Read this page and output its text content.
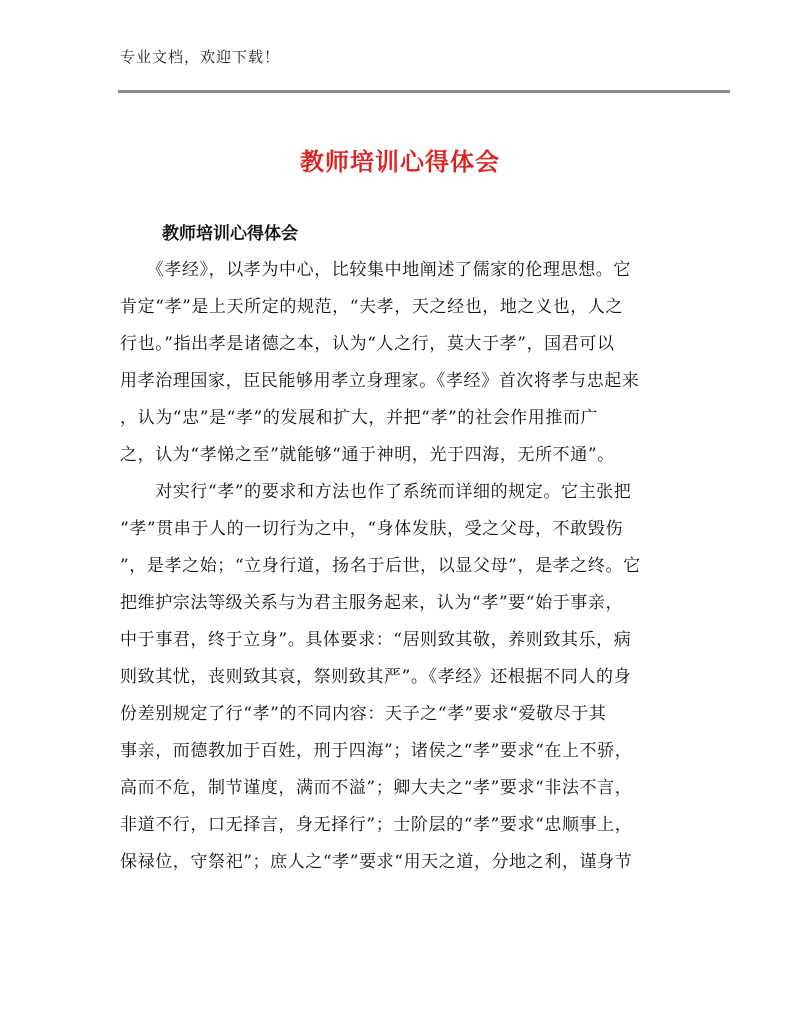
专业文档，欢迎下载！
教师培训心得体会
教师培训心得体会
　　《孝经》，以孝为中心，比较集中地阐述了儒家的伦理思想。它
肯定“孝”是上天所定的规范，“夫孝，天之经也，地之义也，人之
行也。”指出孝是诸德之本，认为“人之行，莫大于孝”，国君可以
用孝治理国家，臣民能够用孝立身理家。《孝经》首次将孝与忠起来
，认为“忠”是“孝”的发展和扩大，并把“孝”的社会作用推而广
之，认为“孝悌之至”就能够“通于神明，光于四海，无所不通”。
　　对实行“孝”的要求和方法也作了系统而详细的规定。它主张把
“孝”贯串于人的一切行为之中，“身体发肤，受之父母，不敢毁伤
”，是孝之始；“立身行道，扬名于后世，以显父母”，是孝之终。它
把维护宗法等级关系与为君主服务起来，认为“孝”要“始于事亲，
中于事君，终于立身”。具体要求：“居则致其敬，养则致其乐，病
则致其忧，丧则致其哀，祭则致其严”。《孝经》还根据不同人的身
份差别规定了行“孝”的不同内容：天子之“孝”要求“爱敬尽于其
事亲，而德教加于百姓，刑于四海”；诸侯之“孝”要求“在上不骄，
高而不危，制节谨度，满而不溢”；卿大夫之“孝”要求“非法不言，
非道不行，口无择言，身无择行”；士阶层的“孝”要求“忠顺事上，
保禄位，守祭祀”；庶人之“孝”要求“用天之道，分地之利，谨身节
